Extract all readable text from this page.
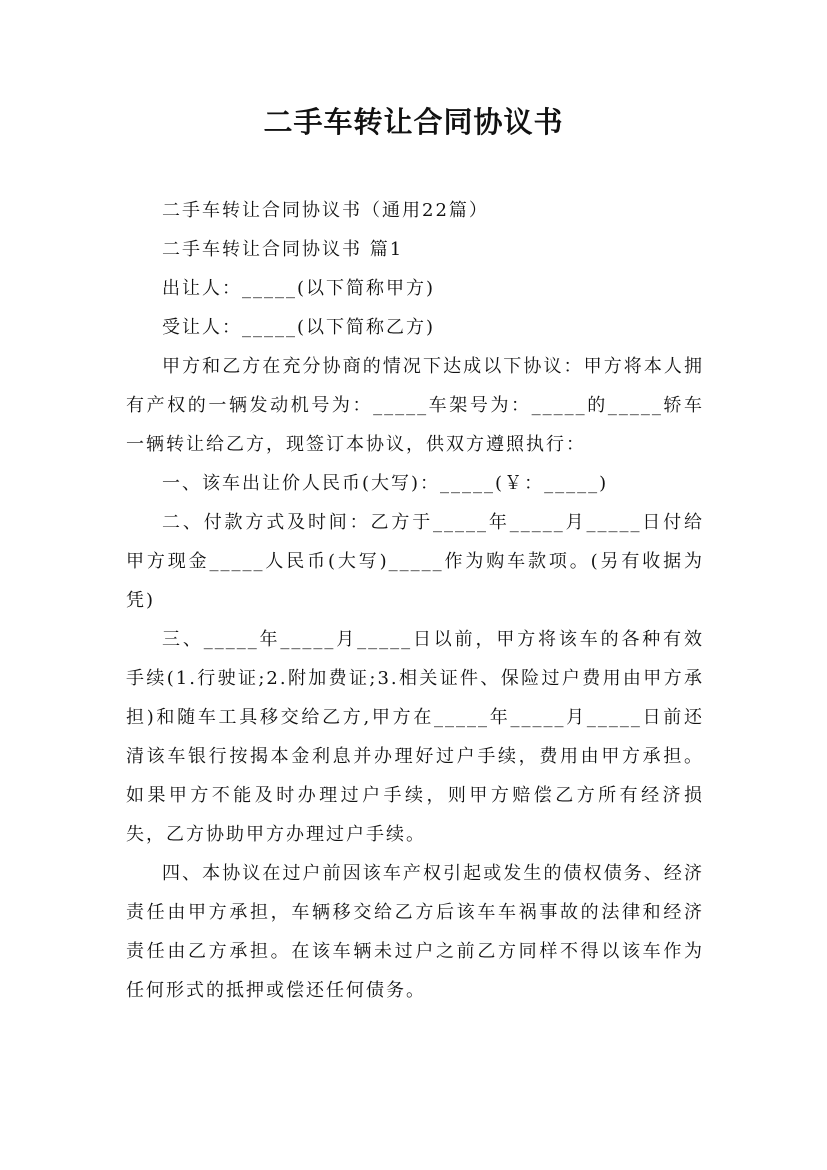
二手车转让合同协议书

二手车转让合同协议书（通用22篇）

二手车转让合同协议书 篇1

出让人：_____(以下简称甲方)

受让人：_____(以下简称乙方)

甲方和乙方在充分协商的情况下达成以下协议：甲方将本人拥有产权的一辆发动机号为：_____车架号为：_____的_____轿车一辆转让给乙方，现签订本协议，供双方遵照执行：

一、该车出让价人民币(大写)：_____(￥：_____)

二、付款方式及时间：乙方于_____年_____月_____日付给甲方现金_____人民币(大写)_____作为购车款项。(另有收据为凭)

三、_____年_____月_____日以前，甲方将该车的各种有效手续(1.行驶证;2.附加费证;3.相关证件、保险过户费用由甲方承担)和随车工具移交给乙方,甲方在_____年_____月_____日前还清该车银行按揭本金利息并办理好过户手续，费用由甲方承担。如果甲方不能及时办理过户手续，则甲方赔偿乙方所有经济损失，乙方协助甲方办理过户手续。

四、本协议在过户前因该车产权引起或发生的债权债务、经济责任由甲方承担，车辆移交给乙方后该车车祸事故的法律和经济责任由乙方承担。在该车辆未过户之前乙方同样不得以该车作为任何形式的抵押或偿还任何债务。
